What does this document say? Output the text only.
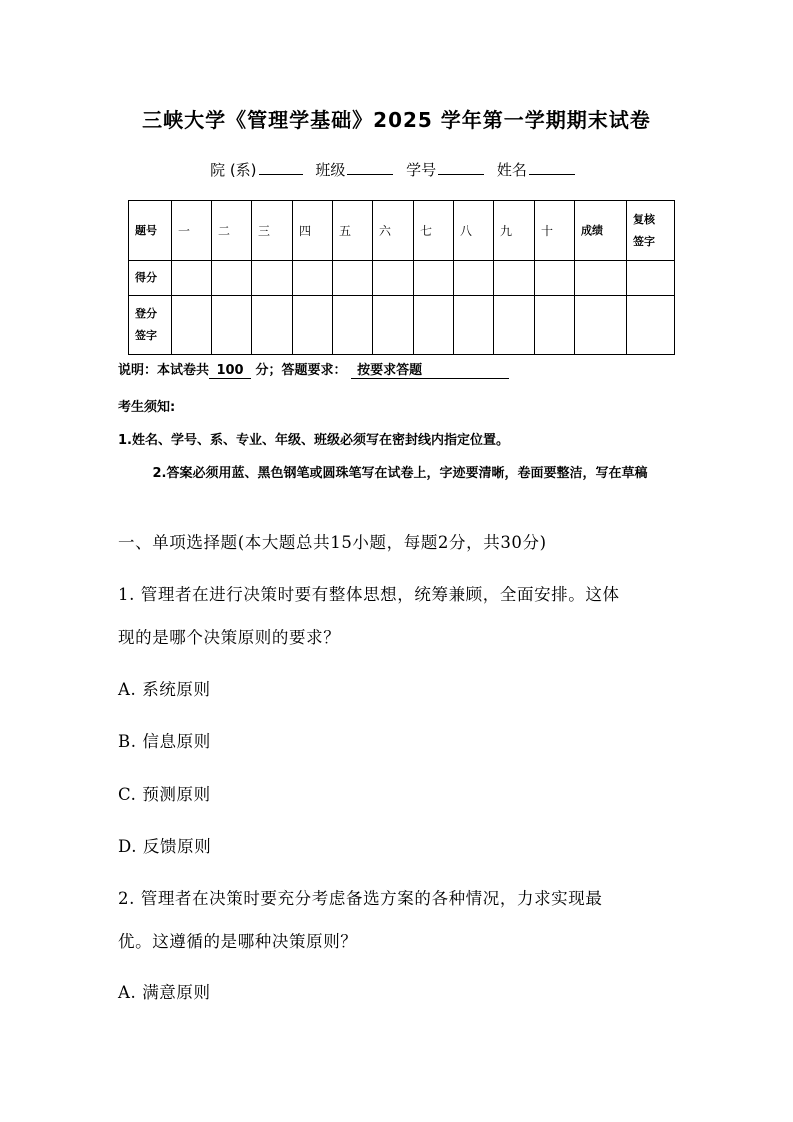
三峡大学《管理学基础》2025 学年第一学期期末试卷
院 (系)	班级	学号	姓名
题号	一	二	三	四	五	六	七	八	九	十	成绩	复核签字
得分												
登分签字												
说明：本试卷共 100 分；答题要求： 按要求答题
考生须知:
1.姓名、学号、系、专业、年级、班级必须写在密封线内指定位置。
2.答案必须用蓝、黑色钢笔或圆珠笔写在试卷上，字迹要清晰，卷面要整洁，写在草稿
一、单项选择题(本大题总共15小题，每题2分，共30分)
1. 管理者在进行决策时要有整体思想，统筹兼顾，全面安排。这体
现的是哪个决策原则的要求？
A. 系统原则
B. 信息原则
C. 预测原则
D. 反馈原则
2. 管理者在决策时要充分考虑备选方案的各种情况，力求实现最
优。这遵循的是哪种决策原则？
A. 满意原则
